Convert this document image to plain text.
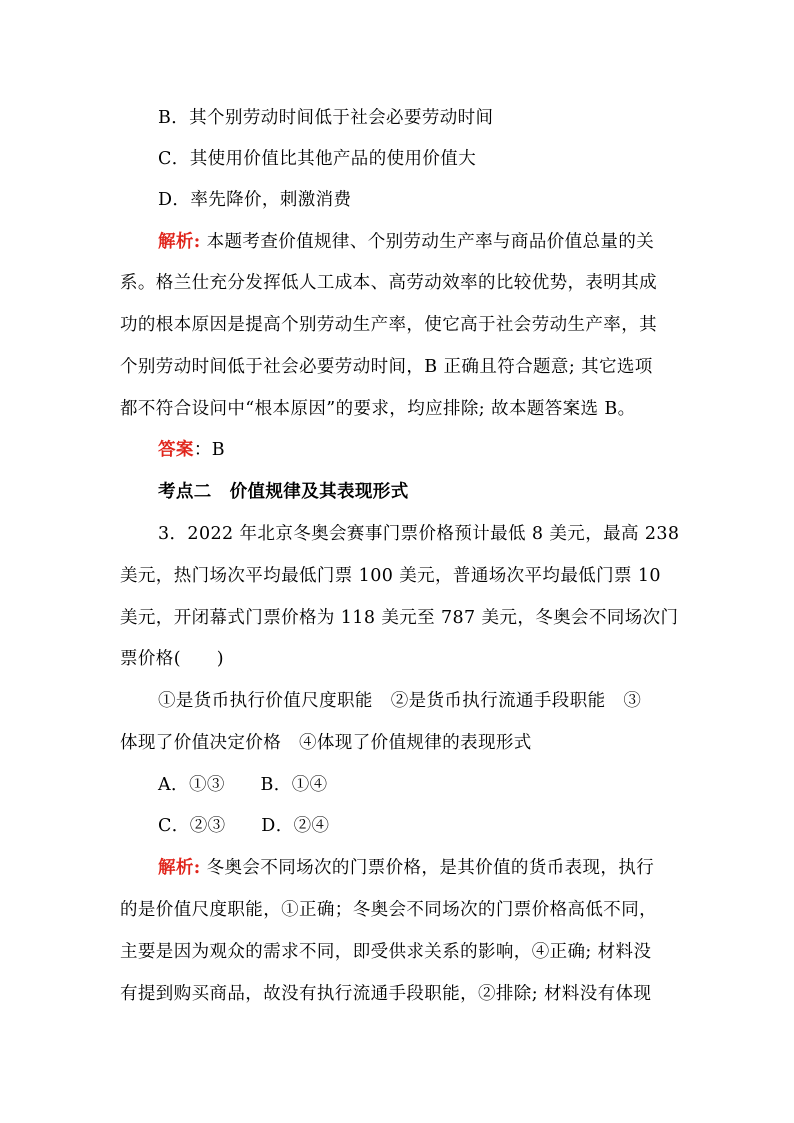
B．其个别劳动时间低于社会必要劳动时间
C．其使用价值比其他产品的使用价值大
D．率先降价，刺激消费
解析: 本题考查价值规律、个别劳动生产率与商品价值总量的关
系。格兰仕充分发挥低人工成本、高劳动效率的比较优势，表明其成
功的根本原因是提高个别劳动生产率，使它高于社会劳动生产率，其
个别劳动时间低于社会必要劳动时间，B 正确且符合题意; 其它选项
都不符合设问中“根本原因”的要求，均应排除; 故本题答案选 B。
答案：B
考点二　价值规律及其表现形式
3．2022 年北京冬奥会赛事门票价格预计最低 8 美元，最高 238
美元，热门场次平均最低门票 100 美元，普通场次平均最低门票 10
美元，开闭幕式门票价格为 118 美元至 787 美元，冬奥会不同场次门
票价格(　　)
①是货币执行价值尺度职能　②是货币执行流通手段职能　③
体现了价值决定价格　④体现了价值规律的表现形式
A．①③　　B．①④
C．②③　　D．②④
解析: 冬奥会不同场次的门票价格，是其价值的货币表现，执行
的是价值尺度职能，①正确；冬奥会不同场次的门票价格高低不同，
主要是因为观众的需求不同，即受供求关系的影响，④正确; 材料没
有提到购买商品，故没有执行流通手段职能，②排除; 材料没有体现
